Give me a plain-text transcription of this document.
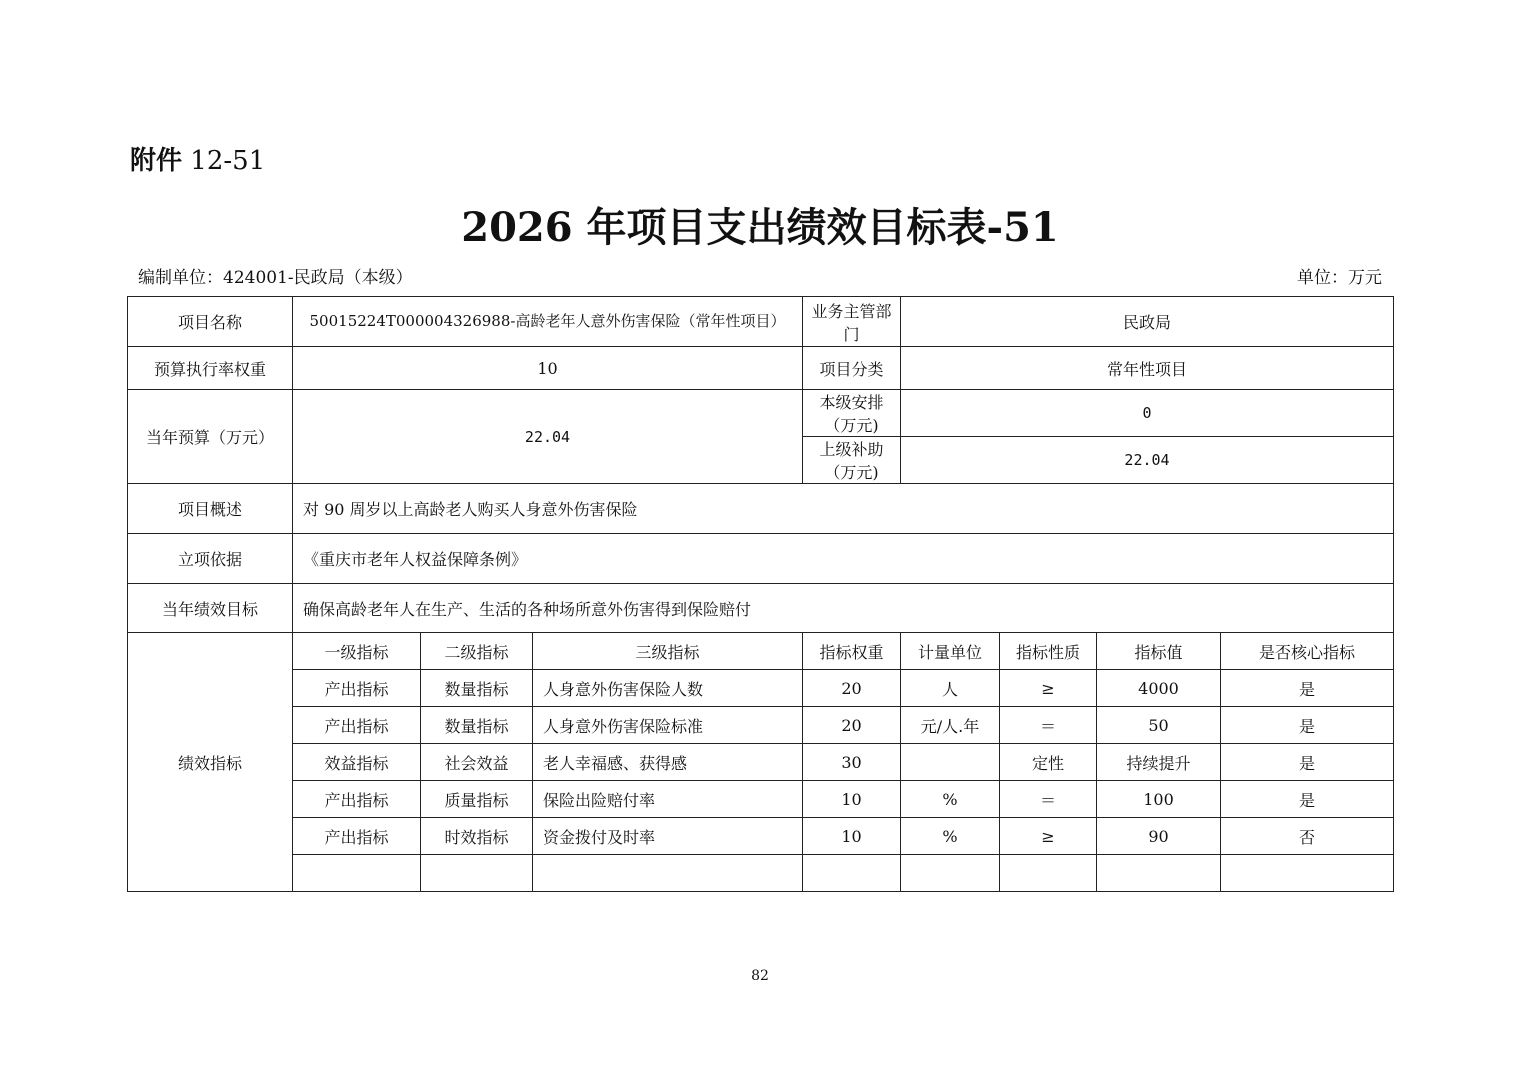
附件 12-51
2026 年项目支出绩效目标表-51
编制单位：424001-民政局（本级）	单位：万元
项目名称	50015224T000004326988-高龄老年人意外伤害保险（常年性项目）			业务主管部门	民政局			
预算执行率权重	10			项目分类	常年性项目			
当年预算（万元）	22.04			本级安排（万元)	0			
				上级补助（万元)	22.04			
项目概述	对 90 周岁以上高龄老人购买人身意外伤害保险							
立项依据	《重庆市老年人权益保障条例》							
当年绩效目标	确保高龄老年人在生产、生活的各种场所意外伤害得到保险赔付							
绩效指标	一级指标	二级指标	三级指标	指标权重	计量单位	指标性质	指标值	是否核心指标
	产出指标	数量指标	人身意外伤害保险人数	20	人	≥	4000	是
	产出指标	数量指标	人身意外伤害保险标准	20	元/人.年	＝	50	是
	效益指标	社会效益	老人幸福感、获得感	30		定性	持续提升	是
	产出指标	质量指标	保险出险赔付率	10	%	＝	100	是
	产出指标	时效指标	资金拨付及时率	10	%	≥	90	否

82
